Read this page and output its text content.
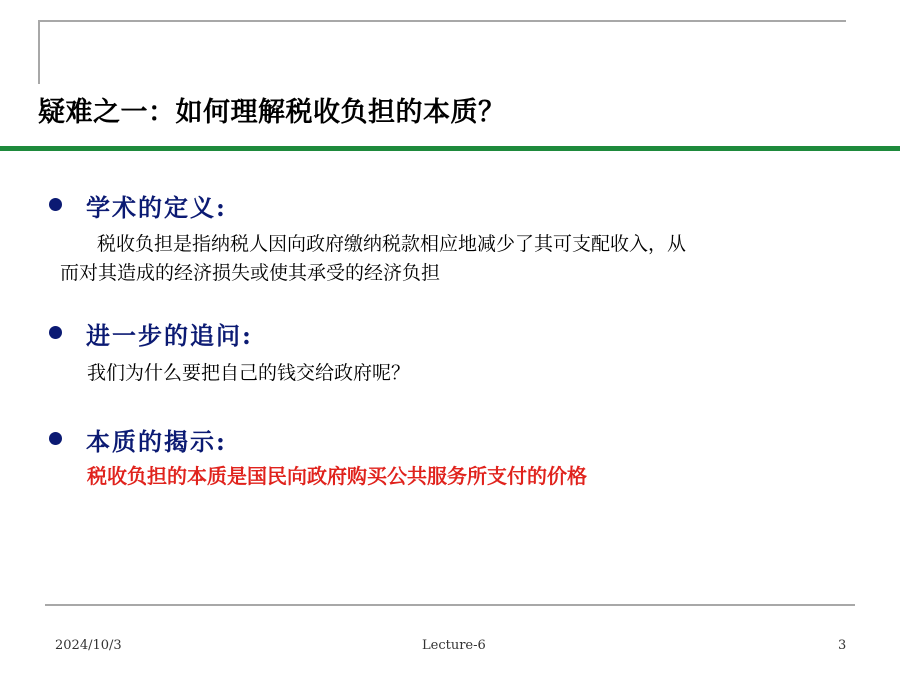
疑难之一：如何理解税收负担的本质？
学术的定义:
税收负担是指纳税人因向政府缴纳税款相应地减少了其可支配收入，从
而对其造成的经济损失或使其承受的经济负担
进一步的追问:
我们为什么要把自己的钱交给政府呢？
本质的揭示:
税收负担的本质是国民向政府购买公共服务所支付的价格
2024/10/3	Lecture-6	3
